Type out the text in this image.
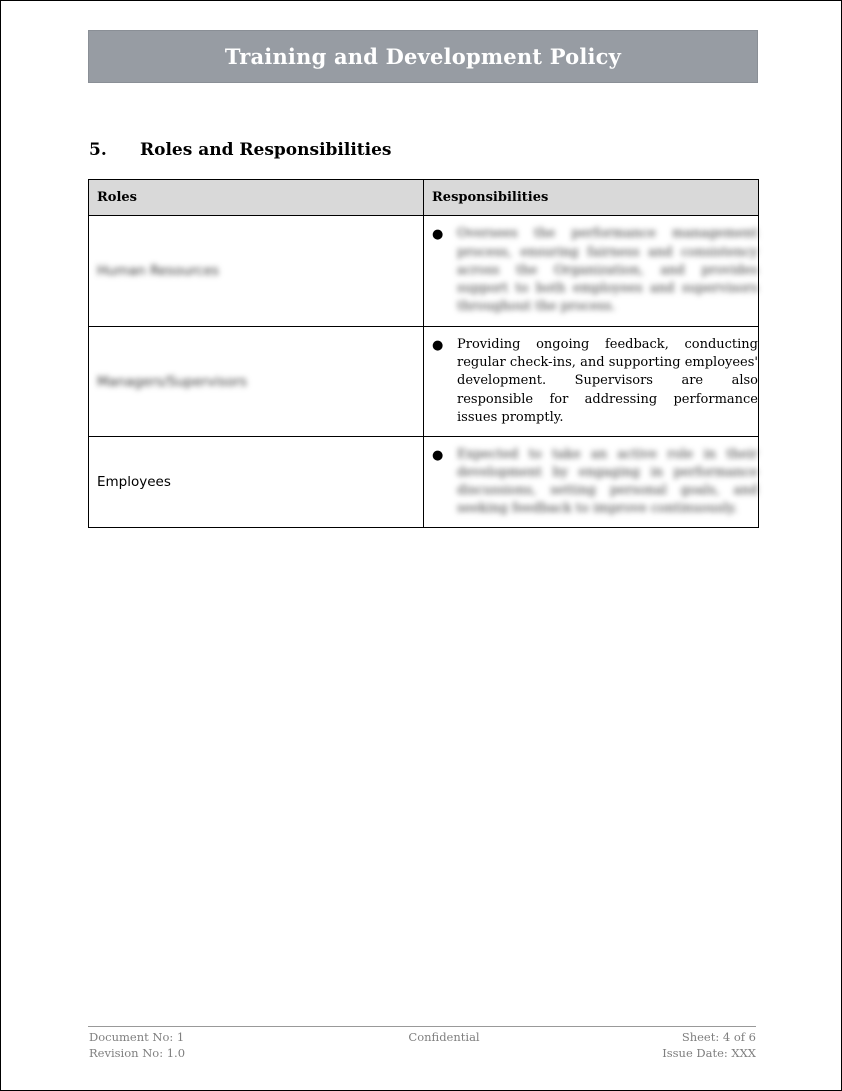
Training and Development Policy
5.	Roles and Responsibilities
Roles	Responsibilities
Human Resources	● Oversees the performance management process, ensuring fairness and consistency across the Organization, and provides support to both employees and supervisors throughout the process.

Managers/Supervisors	● Providing ongoing feedback, conducting regular check-ins, and supporting employees' development. Supervisors are also responsible for addressing performance issues promptly.

Employees	● Expected to take an active role in their development by engaging in performance discussions, setting personal goals, and seeking feedback to improve continuously.
Document No: 1
Revision No: 1.0
Confidential	Sheet: 4 of 6
Issue Date: XXX
